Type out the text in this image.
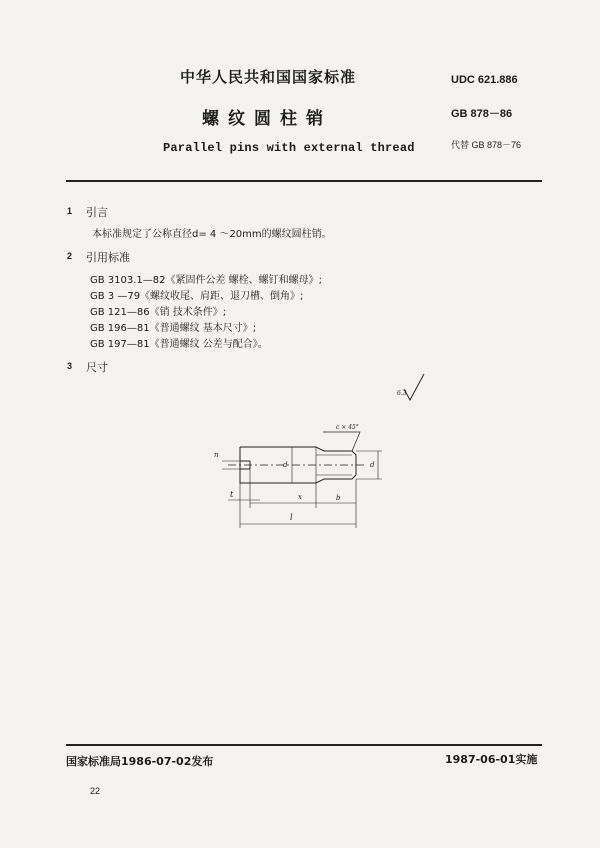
中华人民共和国国家标准	UDC 621.886
螺纹圆柱销	GB 878－86
Parallel pins with external thread	代替 GB 878－76
1 引言
本标准规定了公称直径d= 4 ～20mm的螺纹圆柱销。
2 引用标准
GB 3103.1—82《紧固件公差 螺栓、螺钉和螺母》;
GB 3 —79《螺纹收尾、肩距、退刀槽、倒角》;
GB 121—86《销 技术条件》;
GB 196—81《普通螺纹 基本尺寸》;
GB 197—81《普通螺纹 公差与配合》。
3 尺寸
6.3
c × 45°
n
t
d	d
x	b
l
国家标准局1986-07-02发布	1987-06-01实施
22
